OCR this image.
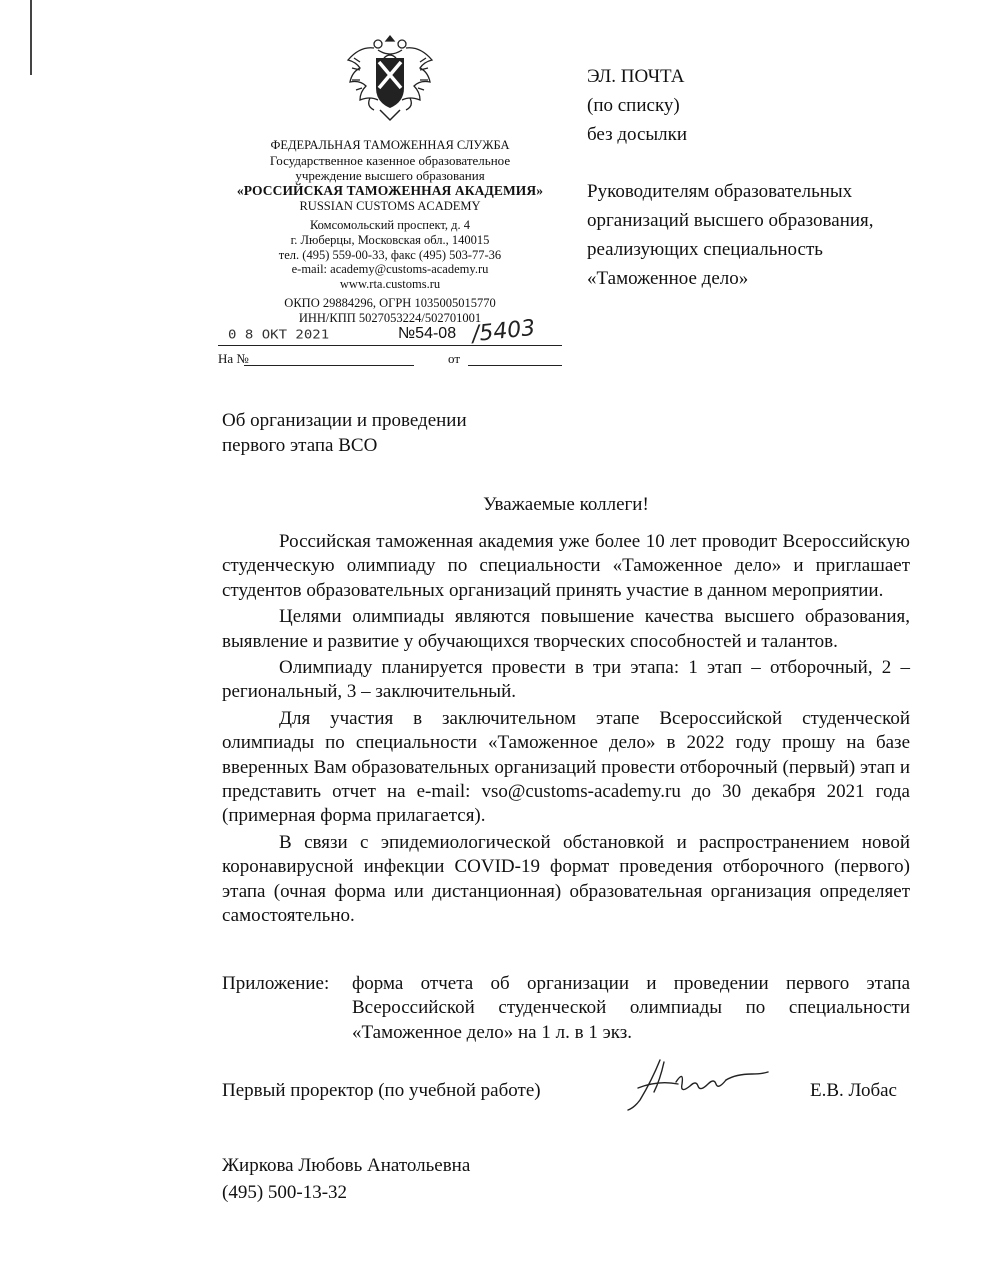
ФЕДЕРАЛЬНАЯ ТАМОЖЕННАЯ СЛУЖБА
Государственное казенное образовательное
учреждение высшего образования
«РОССИЙСКАЯ ТАМОЖЕННАЯ АКАДЕМИЯ»
RUSSIAN CUSTOMS ACADEMY
Комсомольский проспект, д. 4
г. Люберцы, Московская обл., 140015
тел. (495) 559-00-33, факс (495) 503-77-36
e-mail: academy@customs-academy.ru
www.rta.customs.ru
ОКПО 29884296, ОГРН 1035005015770
ИНН/КПП 5027053224/502701001
0 8 ОКТ 2021	№54-08 /5403
На №	от
ЭЛ. ПОЧТА
(по списку)
без досылки
Руководителям образовательных
организаций высшего образования,
реализующих специальность
«Таможенное дело»
Об организации и проведении
первого этапа ВСО
Уважаемые коллеги!

Российская таможенная академия уже более 10 лет проводит Всероссийскую студенческую олимпиаду по специальности «Таможенное дело» и приглашает студентов образовательных организаций принять участие в данном мероприятии.

Целями олимпиады являются повышение качества высшего образования, выявление и развитие у обучающихся творческих способностей и талантов.

Олимпиаду планируется провести в три этапа: 1 этап – отборочный, 2 – региональный, 3 – заключительный.

Для участия в заключительном этапе Всероссийской студенческой олимпиады по специальности «Таможенное дело» в 2022 году прошу на базе вверенных Вам образовательных организаций провести отборочный (первый) этап и представить отчет на e-mail: vso@customs-academy.ru до 30 декабря 2021 года (примерная форма прилагается).

В связи с эпидемиологической обстановкой и распространением новой коронавирусной инфекции COVID-19 формат проведения отборочного (первого) этапа (очная форма или дистанционная) образовательная организация определяет самостоятельно.

Приложение: форма отчета об организации и проведении первого этапа
Всероссийской студенческой олимпиады по специальности «Таможенное дело» на 1 л. в 1 экз.
Первый проректор (по учебной работе)	Е.В. Лобас
Жиркова Любовь Анатольевна
(495) 500-13-32
